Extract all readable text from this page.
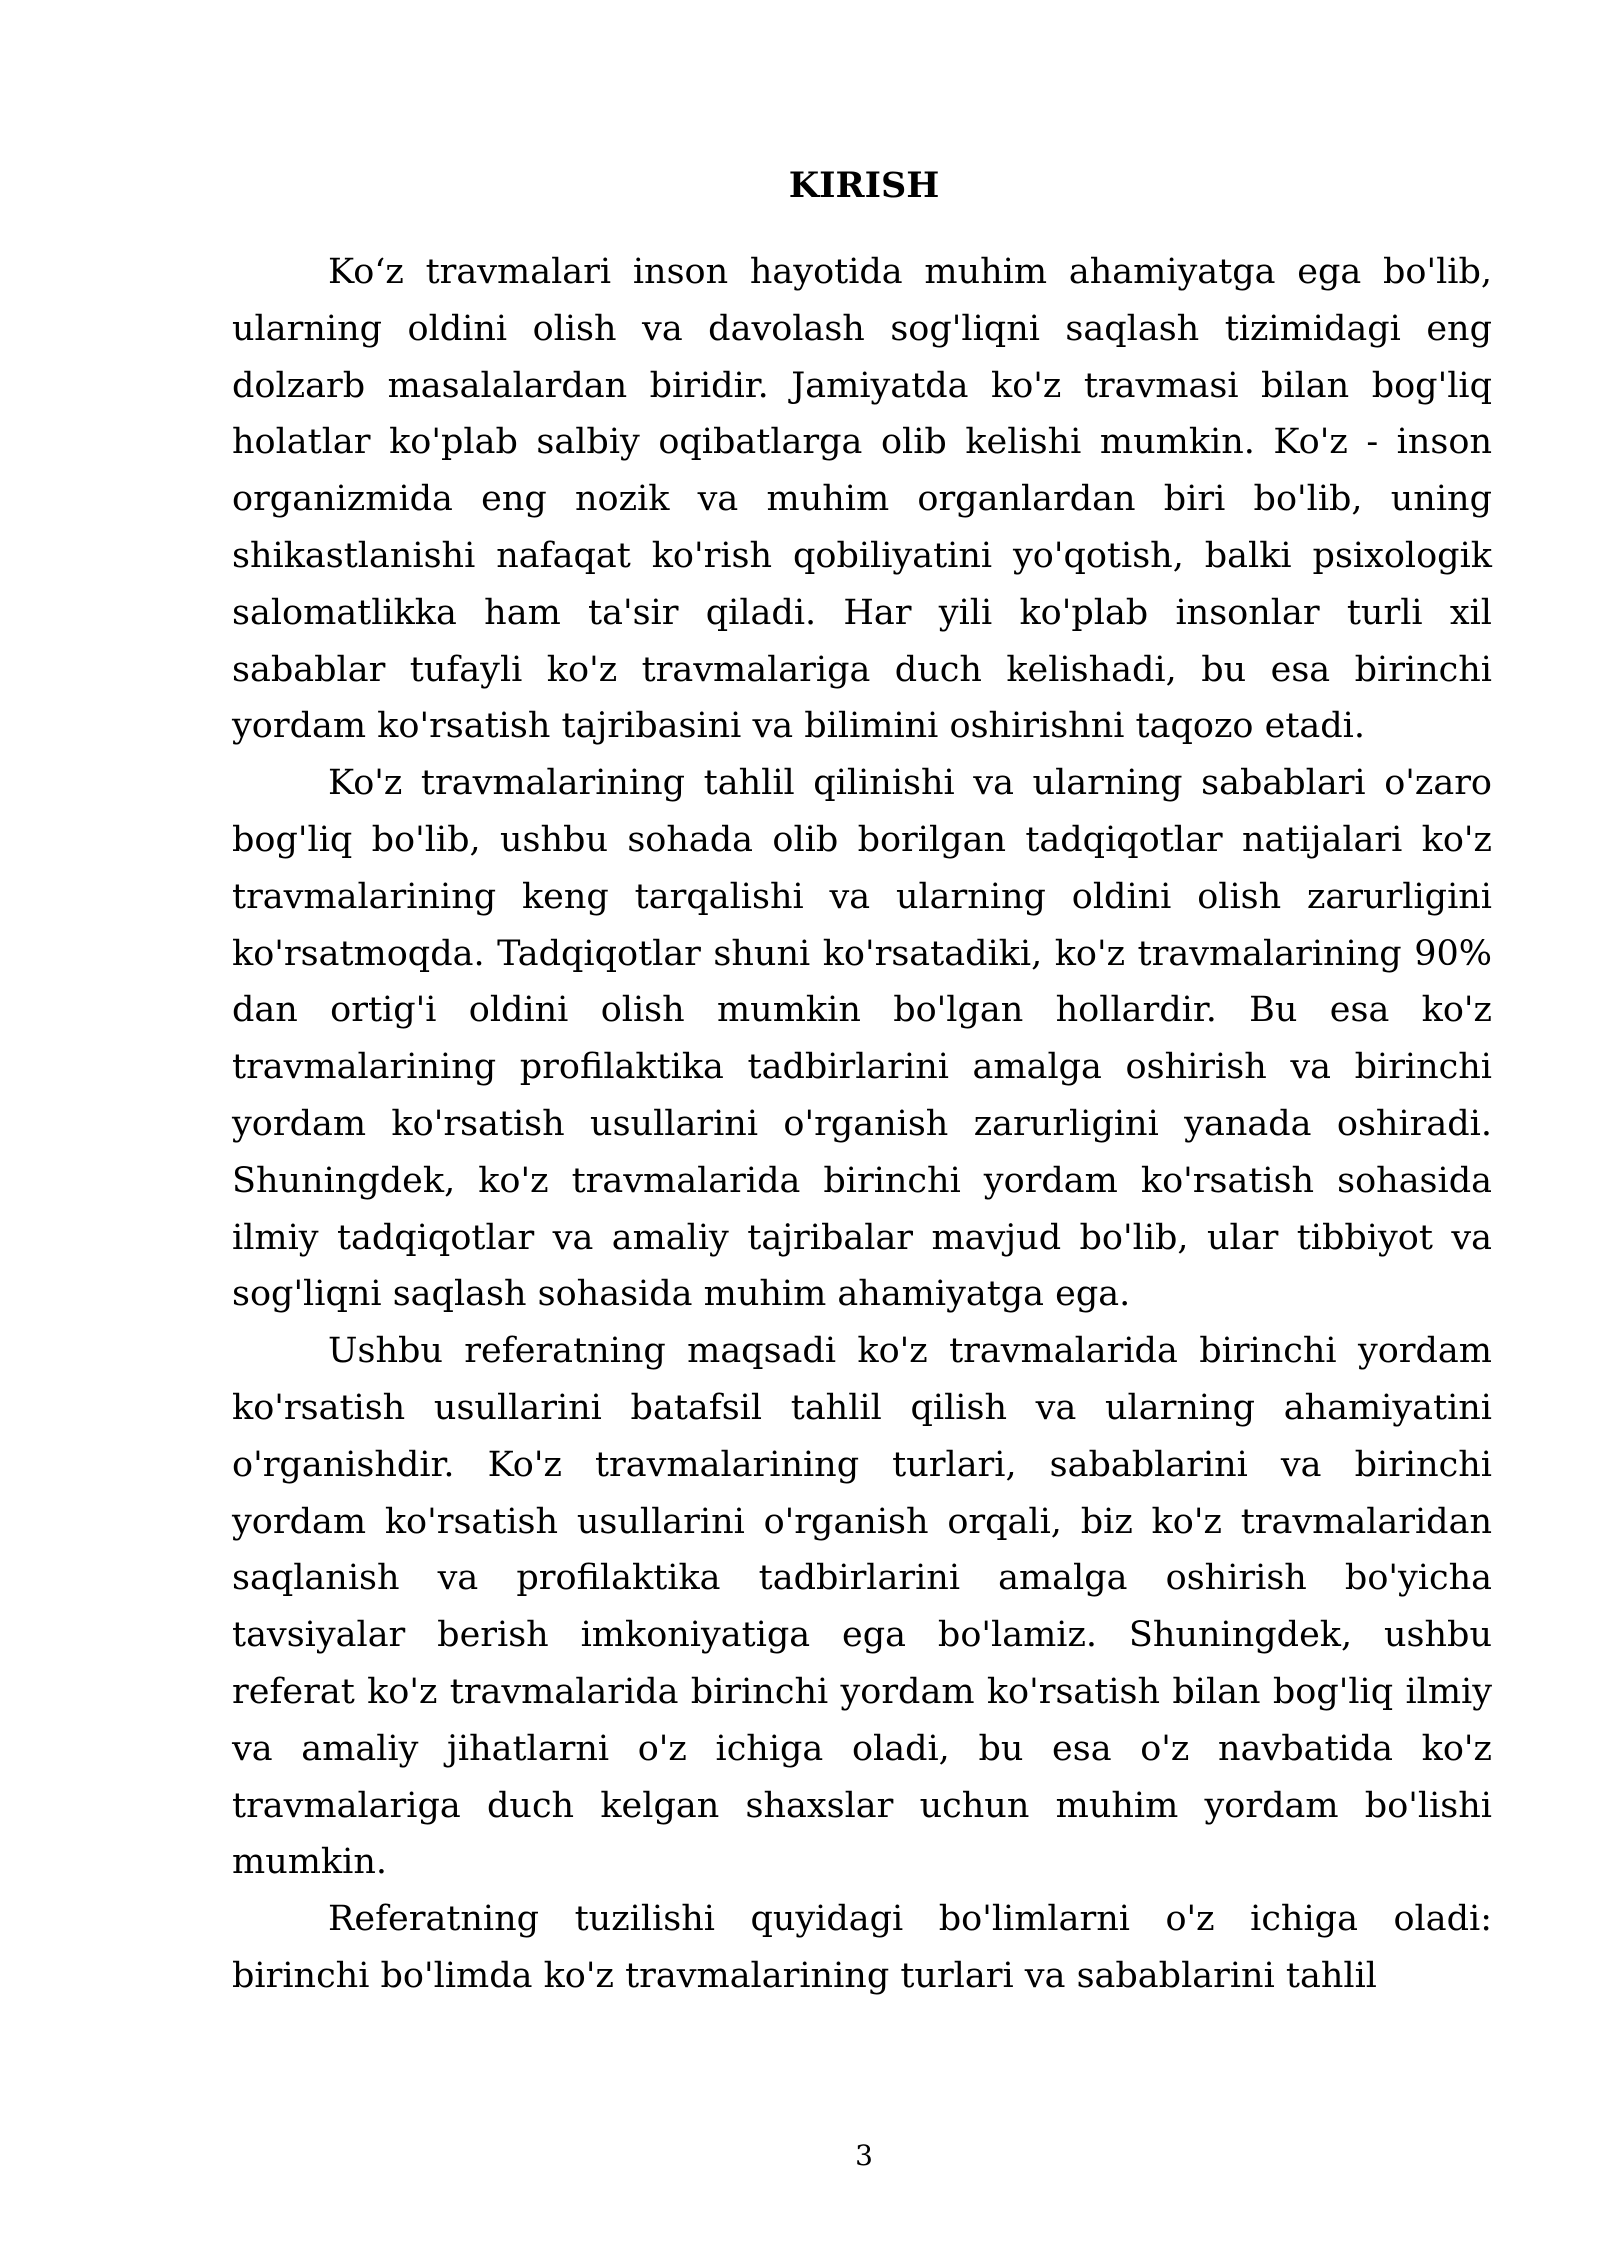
KIRISH

Ko‘z travmalari inson hayotida muhim ahamiyatga ega bo'lib, ularning oldini olish va davolash sog'liqni saqlash tizimidagi eng dolzarb masalalardan biridir. Jamiyatda ko'z travmasi bilan bog'liq holatlar ko'plab salbiy oqibatlarga olib kelishi mumkin. Ko'z - inson organizmida eng nozik va muhim organlardan biri bo'lib, uning shikastlanishi nafaqat ko'rish qobiliyatini yo'qotish, balki psixologik salomatlikka ham ta'sir qiladi. Har yili ko'plab insonlar turli xil sabablar tufayli ko'z travmalariga duch kelishadi, bu esa birinchi yordam ko'rsatish tajribasini va bilimini oshirishni taqozo etadi.

Ko'z travmalarining tahlil qilinishi va ularning sabablari o'zaro bog'liq bo'lib, ushbu sohada olib borilgan tadqiqotlar natijalari ko'z travmalarining keng tarqalishi va ularning oldini olish zarurligini ko'rsatmoqda. Tadqiqotlar shuni ko'rsatadiki, ko'z travmalarining 90% dan ortig'i oldini olish mumkin bo'lgan hollardir. Bu esa ko'z travmalarining profilaktika tadbirlarini amalga oshirish va birinchi yordam ko'rsatish usullarini o'rganish zarurligini yanada oshiradi. Shuningdek, ko'z travmalarida birinchi yordam ko'rsatish sohasida ilmiy tadqiqotlar va amaliy tajribalar mavjud bo'lib, ular tibbiyot va sog'liqni saqlash sohasida muhim ahamiyatga ega.

Ushbu referatning maqsadi ko'z travmalarida birinchi yordam ko'rsatish usullarini batafsil tahlil qilish va ularning ahamiyatini o'rganishdir. Ko'z travmalarining turlari, sabablarini va birinchi yordam ko'rsatish usullarini o'rganish orqali, biz ko'z travmalaridan saqlanish va profilaktika tadbirlarini amalga oshirish bo'yicha tavsiyalar berish imkoniyatiga ega bo'lamiz. Shuningdek, ushbu referat ko'z travmalarida birinchi yordam ko'rsatish bilan bog'liq ilmiy va amaliy jihatlarni o'z ichiga oladi, bu esa o'z navbatida ko'z travmalariga duch kelgan shaxslar uchun muhim yordam bo'lishi mumkin.

Referatning tuzilishi quyidagi bo'limlarni o'z ichiga oladi: birinchi bo'limda ko'z travmalarining turlari va sabablarini tahlil

3
